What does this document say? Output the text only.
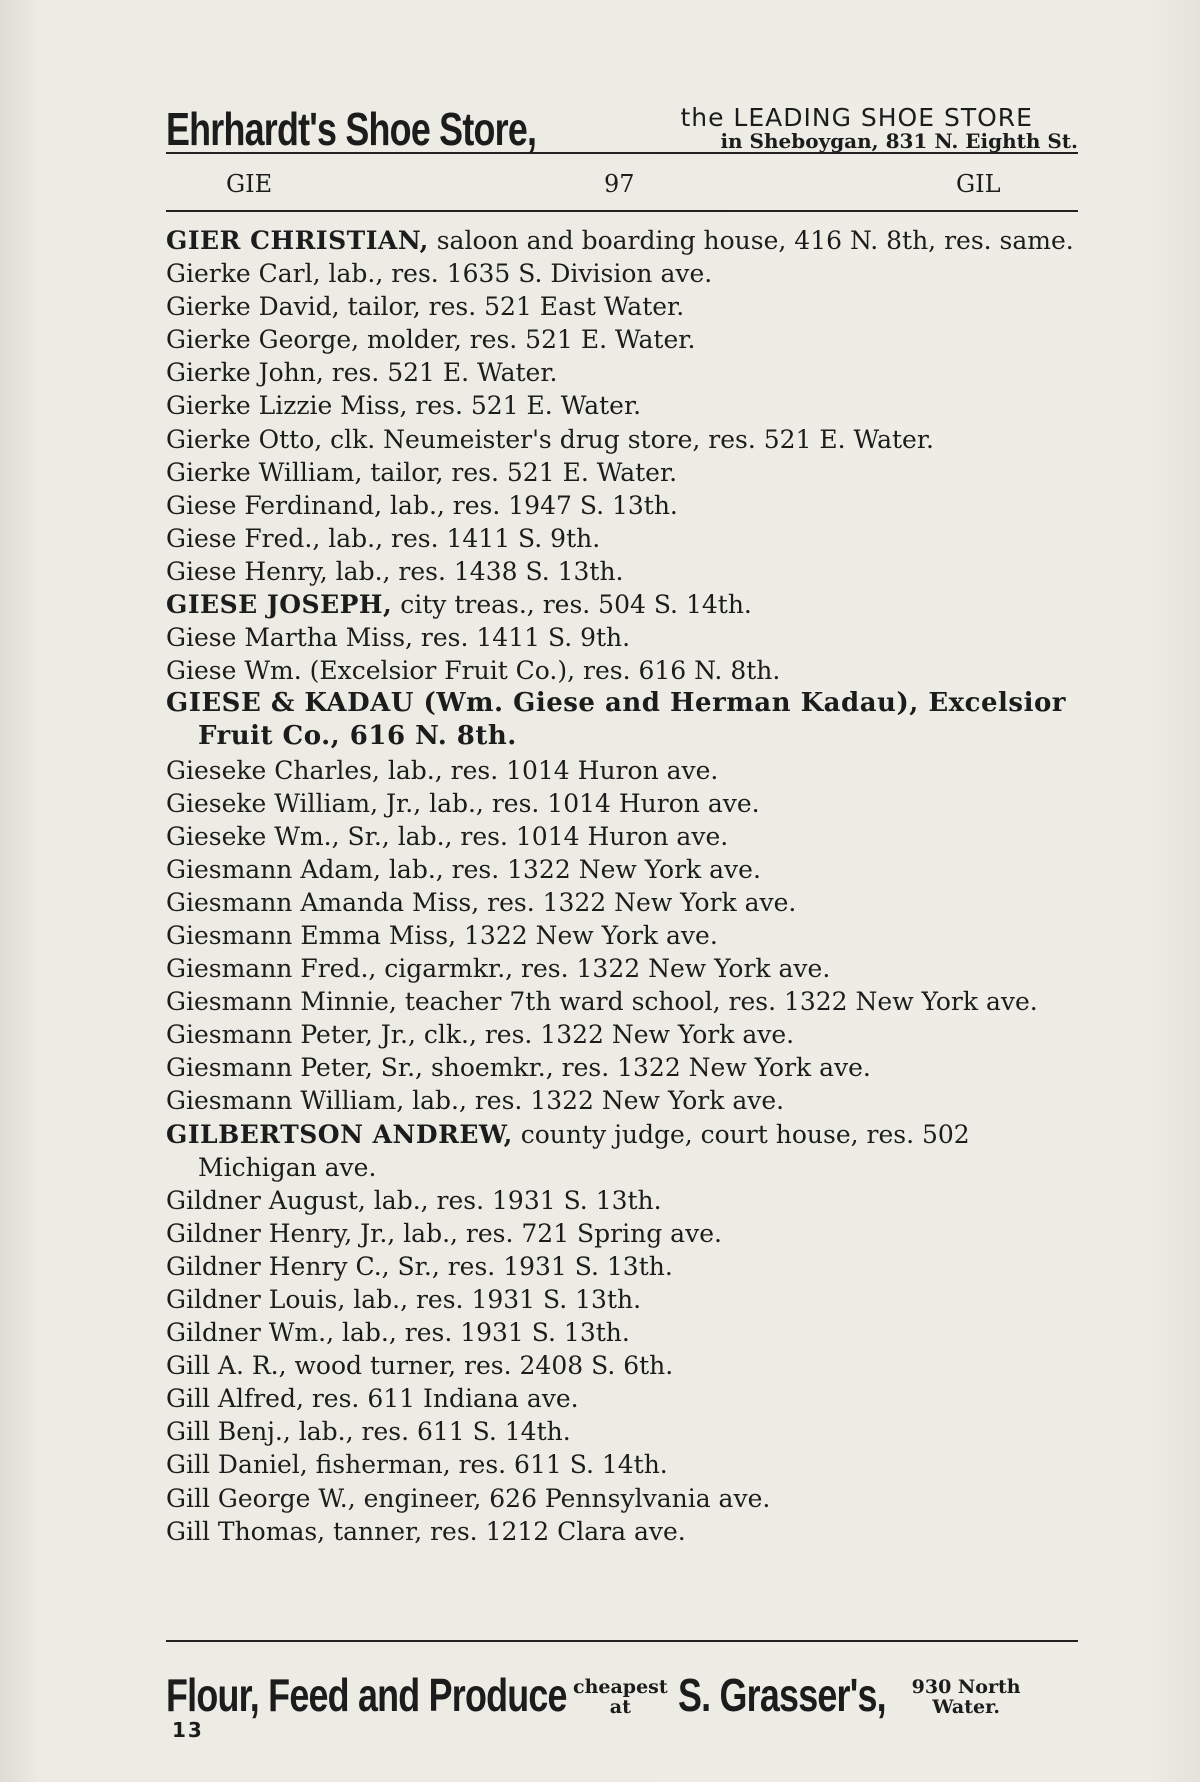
Ehrhardt's Shoe Store,	the LEADING SHOE STORE
in Sheboygan, 831 N. Eighth St.
GIE	97	GIL
GIER CHRISTIAN, saloon and boarding house, 416 N. 8th, res. same.
Gierke Carl, lab., res. 1635 S. Division ave.
Gierke David, tailor, res. 521 East Water.
Gierke George, molder, res. 521 E. Water.
Gierke John, res. 521 E. Water.
Gierke Lizzie Miss, res. 521 E. Water.
Gierke Otto, clk. Neumeister's drug store, res. 521 E. Water.
Gierke William, tailor, res. 521 E. Water.
Giese Ferdinand, lab., res. 1947 S. 13th.
Giese Fred., lab., res. 1411 S. 9th.
Giese Henry, lab., res. 1438 S. 13th.
GIESE JOSEPH, city treas., res. 504 S. 14th.
Giese Martha Miss, res. 1411 S. 9th.
Giese Wm. (Excelsior Fruit Co.), res. 616 N. 8th.
GIESE & KADAU (Wm. Giese and Herman Kadau), Excelsior Fruit Co., 616 N. 8th.
Gieseke Charles, lab., res. 1014 Huron ave.
Gieseke William, Jr., lab., res. 1014 Huron ave.
Gieseke Wm., Sr., lab., res. 1014 Huron ave.
Giesmann Adam, lab., res. 1322 New York ave.
Giesmann Amanda Miss, res. 1322 New York ave.
Giesmann Emma Miss, 1322 New York ave.
Giesmann Fred., cigarmkr., res. 1322 New York ave.
Giesmann Minnie, teacher 7th ward school, res. 1322 New York ave.
Giesmann Peter, Jr., clk., res. 1322 New York ave.
Giesmann Peter, Sr., shoemkr., res. 1322 New York ave.
Giesmann William, lab., res. 1322 New York ave.
GILBERTSON ANDREW, county judge, court house, res. 502 Michigan ave.
Gildner August, lab., res. 1931 S. 13th.
Gildner Henry, Jr., lab., res. 721 Spring ave.
Gildner Henry C., Sr., res. 1931 S. 13th.
Gildner Louis, lab., res. 1931 S. 13th.
Gildner Wm., lab., res. 1931 S. 13th.
Gill A. R., wood turner, res. 2408 S. 6th.
Gill Alfred, res. 611 Indiana ave.
Gill Benj., lab., res. 611 S. 14th.
Gill Daniel, fisherman, res. 611 S. 14th.
Gill George W., engineer, 626 Pennsylvania ave.
Gill Thomas, tanner, res. 1212 Clara ave.
Flour, Feed and Produce cheapest
at S. Grasser's,	930 North
Water.
13
